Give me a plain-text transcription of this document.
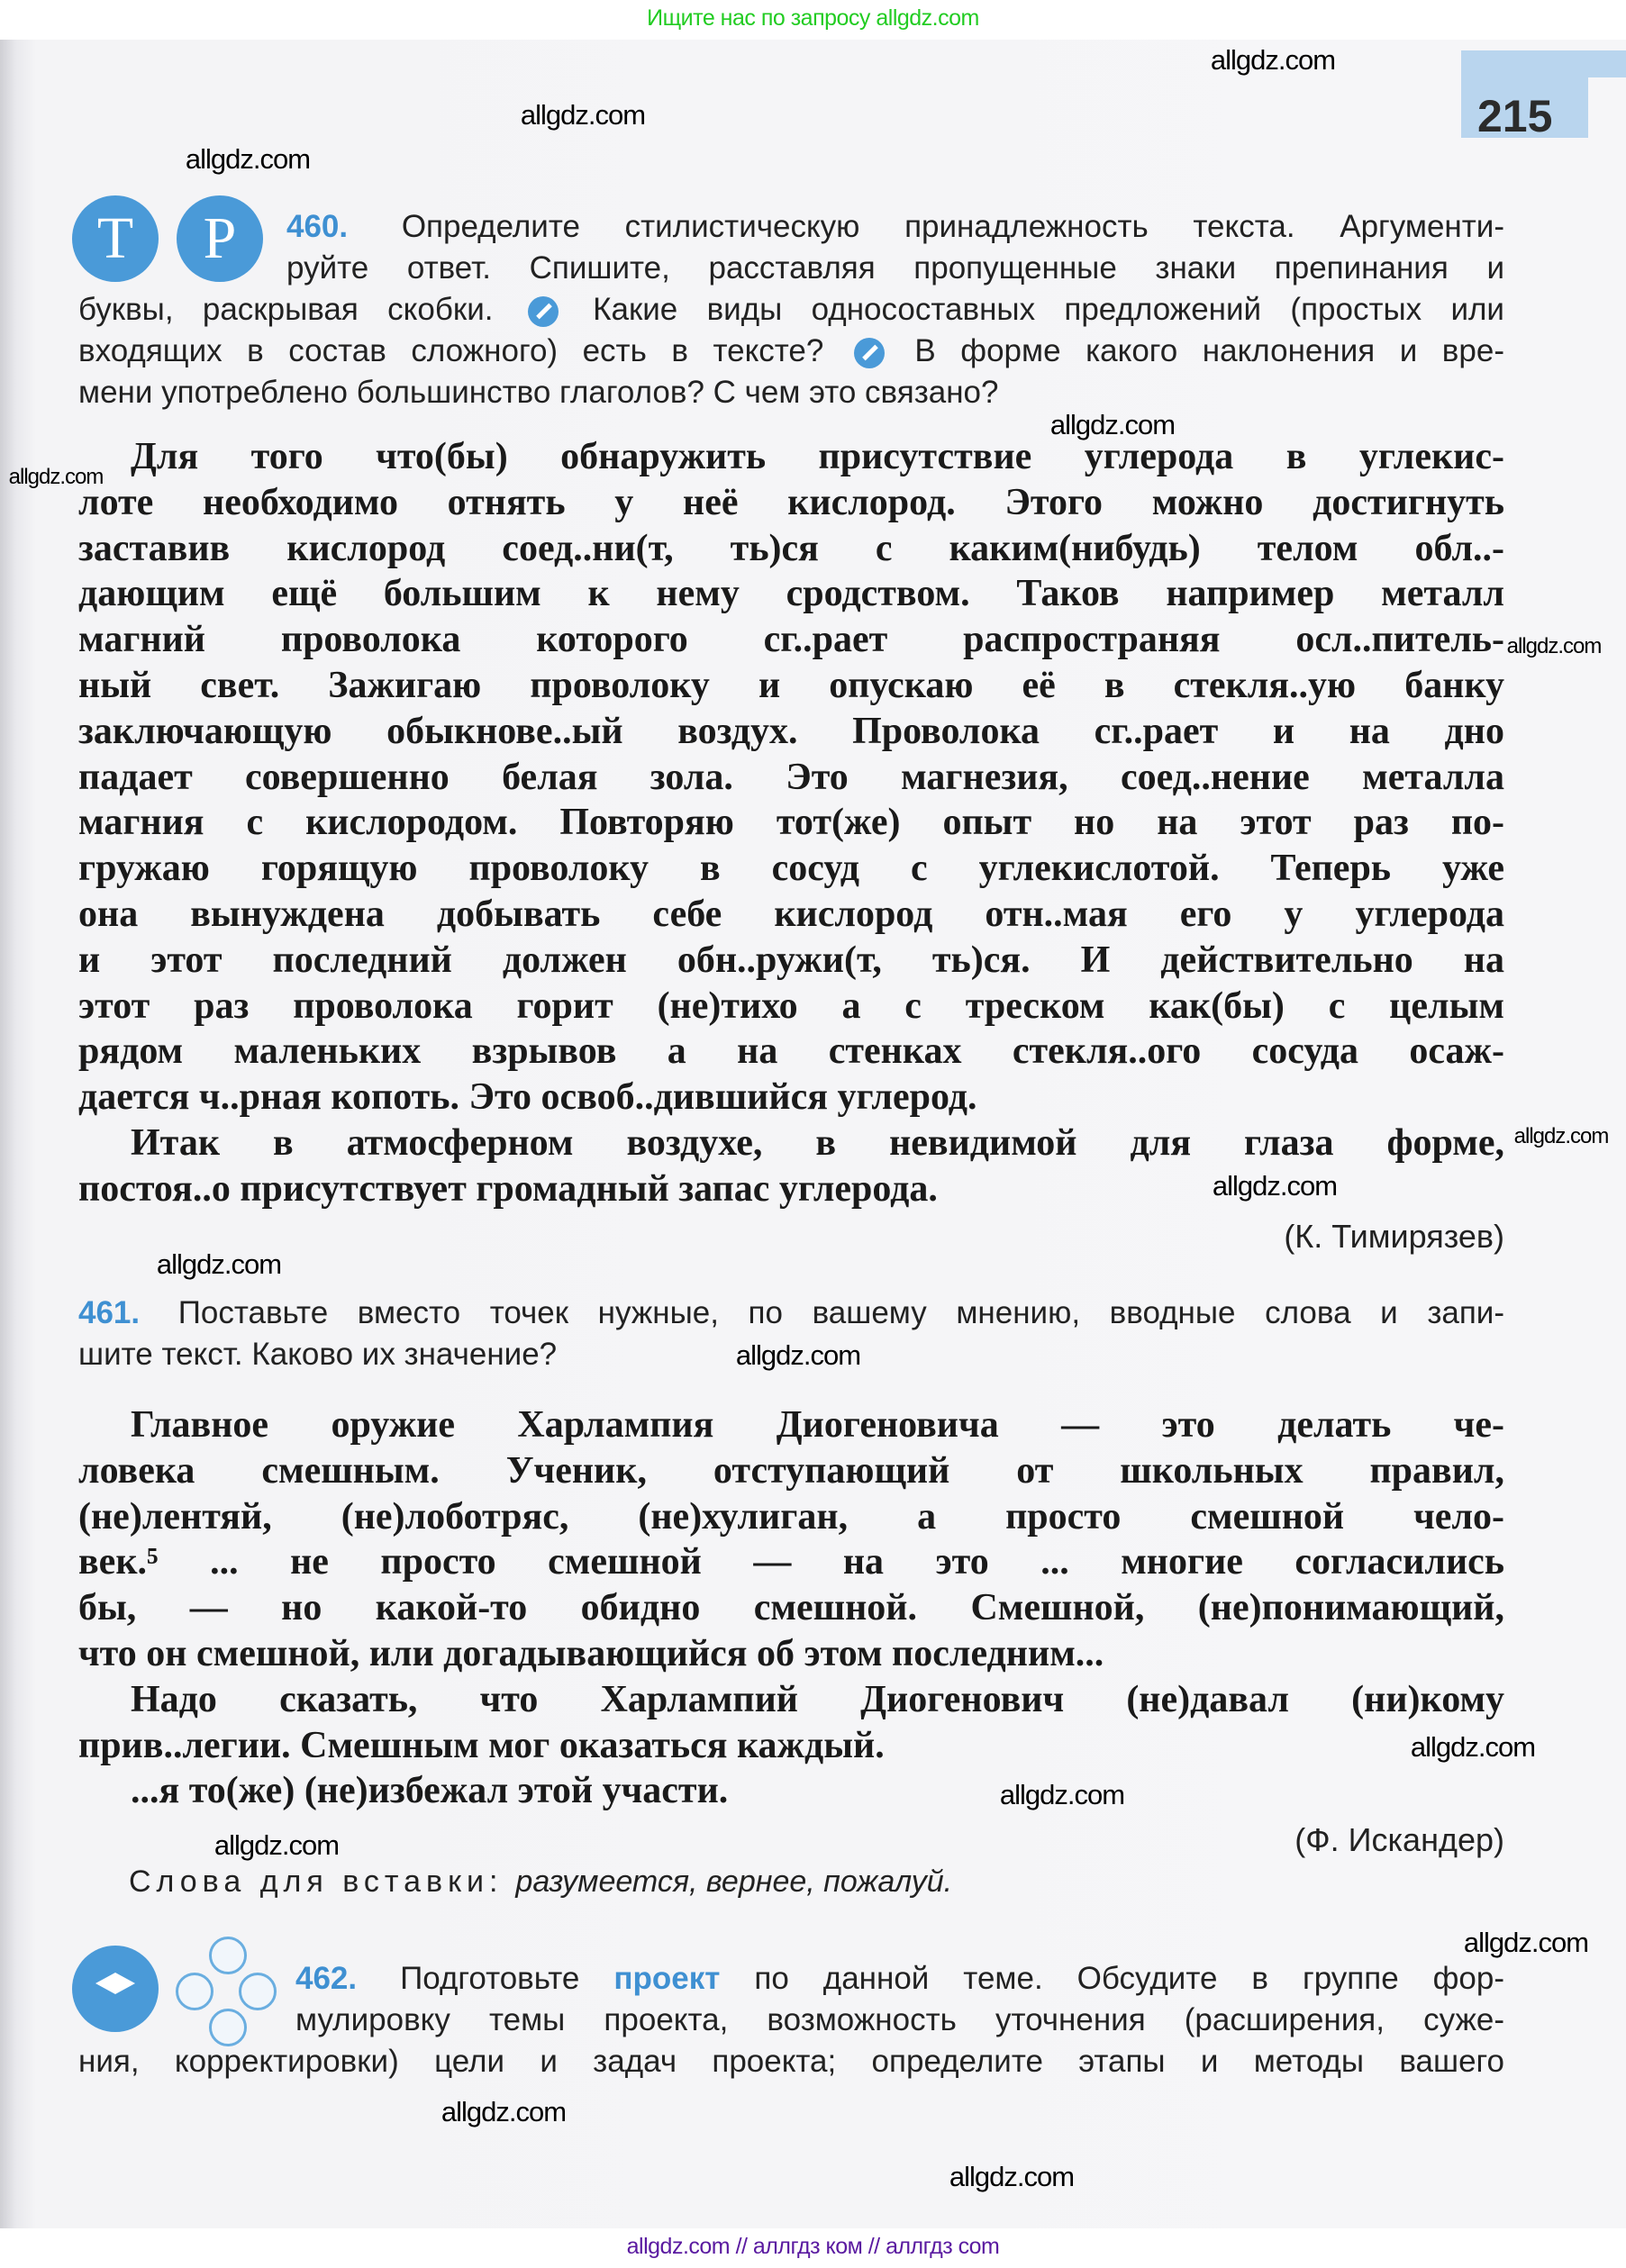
Ищите нас по запросу allgdz.com
215
Т	Р	460. Определите стилистическую принадлежность текста. Аргументи-
руйте ответ. Спишите, расставляя пропущенные знаки препинания и
буквы, раскрывая скобки.	Какие виды односоставных предложений (простых или
входящих в состав сложного) есть в тексте?	В форме какого наклонения и вре-
мени употреблено большинство глаголов? С чем это связано?
Для того что(бы) обнаружить присутствие углерода в углекис-
лоте необходимо отнять у неё кислород. Этого можно достигнуть
заставив кислород соед..ни(т, ть)ся с каким(нибудь) телом обл..-
дающим ещё большим к нему сродством. Таков например металл
магний проволока которого сг..рает распространяя осл..питель-
ный свет. Зажигаю проволоку и опускаю её в стекля..ую банку
заключающую обыкнове..ый воздух. Проволока сг..рает и на дно
падает совершенно белая зола. Это магнезия, соед..нение металла
магния с кислородом. Повторяю тот(же) опыт но на этот раз по-
гружаю горящую проволоку в сосуд с углекислотой. Теперь уже
она вынуждена добывать себе кислород отн..мая его у углерода
и этот последний должен обн..ружи(т, ть)ся. И действительно на
этот раз проволока горит (не)тихо а с треском как(бы) с целым
рядом маленьких взрывов а на стенках стекля..ого сосуда осаж-
дается ч..рная копоть. Это освоб..дившийся углерод.
Итак в атмосферном воздухе, в невидимой для глаза форме,
постоя..о присутствует громадный запас углерода.
(К. Тимирязев)
461. Поставьте вместо точек нужные, по вашему мнению, вводные слова и запи-
шите текст. Каково их значение?
Главное оружие Харлампия Диогеновича — это делать че-
ловека смешным. Ученик, отступающий от школьных правил,
(не)лентяй, (не)лоботряс, (не)хулиган, а просто смешной чело-
век.⁵ ... не просто смешной — на это ... многие согласились
бы, — но какой-то обидно смешной. Смешной, (не)понимающий,
что он смешной, или догадывающийся об этом последним...
Надо сказать, что Харлампий Диогенович (не)давал (ни)кому
прив..легии. Смешным мог оказаться каждый.
...я то(же) (не)избежал этой участи.
(Ф. Искандер)
Слова для вставки: разумеется, вернее, пожалуй.
462. Подготовьте проект по данной теме. Обсудите в группе фор-
мулировку темы проекта, возможность уточнения (расширения, суже-
ния, корректировки) цели и задач проекта; определите этапы и методы вашего
allgdz.com
allgdz.com
allgdz.com
allgdz.com
allgdz.com
allgdz.com
allgdz.com
allgdz.com
allgdz.com
allgdz.com
allgdz.com
allgdz.com
allgdz.com
allgdz.com
allgdz.com
allgdz.com
allgdz.com // аллгдз ком // аллгдз com
